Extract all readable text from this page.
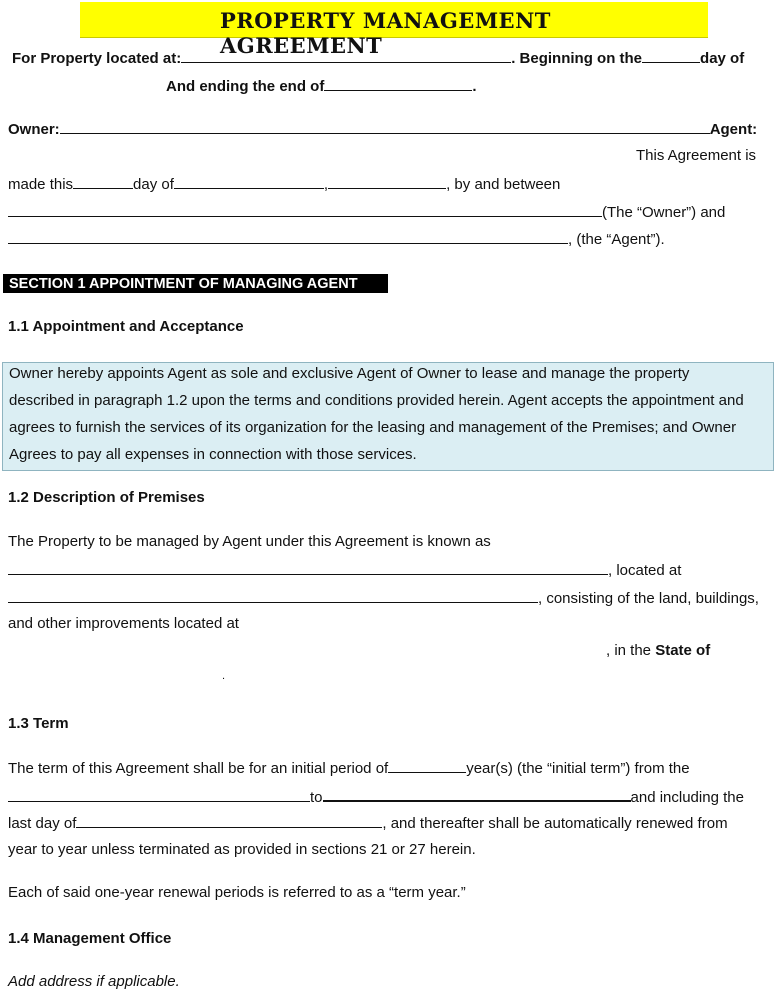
PROPERTY MANAGEMENT AGREEMENT
For Property located at:	. Beginning on the	day of
And ending the end of	.
Owner:	Agent:
This Agreement is
made this	day of	,	, by and between
(The “Owner”) and
, (the “Agent”).
SECTION 1 APPOINTMENT OF MANAGING AGENT
1.1 Appointment and Acceptance
Owner hereby appoints Agent as sole and exclusive Agent of Owner to lease and manage the property
described in paragraph 1.2 upon the terms and conditions provided herein. Agent accepts the appointment and
agrees to furnish the services of its organization for the leasing and management of the Premises; and Owner
Agrees to pay all expenses in connection with those services.
1.2 Description of Premises
The Property to be managed by Agent under this Agreement is known as
, located at
, consisting of the land, buildings,
and other improvements located at
, in the State of
.
1.3 Term
The term of this Agreement shall be for an initial period of	year(s) (the “initial term”) from the
to	and including the
last day of	, and thereafter shall be automatically renewed from
year to year unless terminated as provided in sections 21 or 27 herein.
Each of said one-year renewal periods is referred to as a “term year.”
1.4 Management Office
Add address if applicable.
